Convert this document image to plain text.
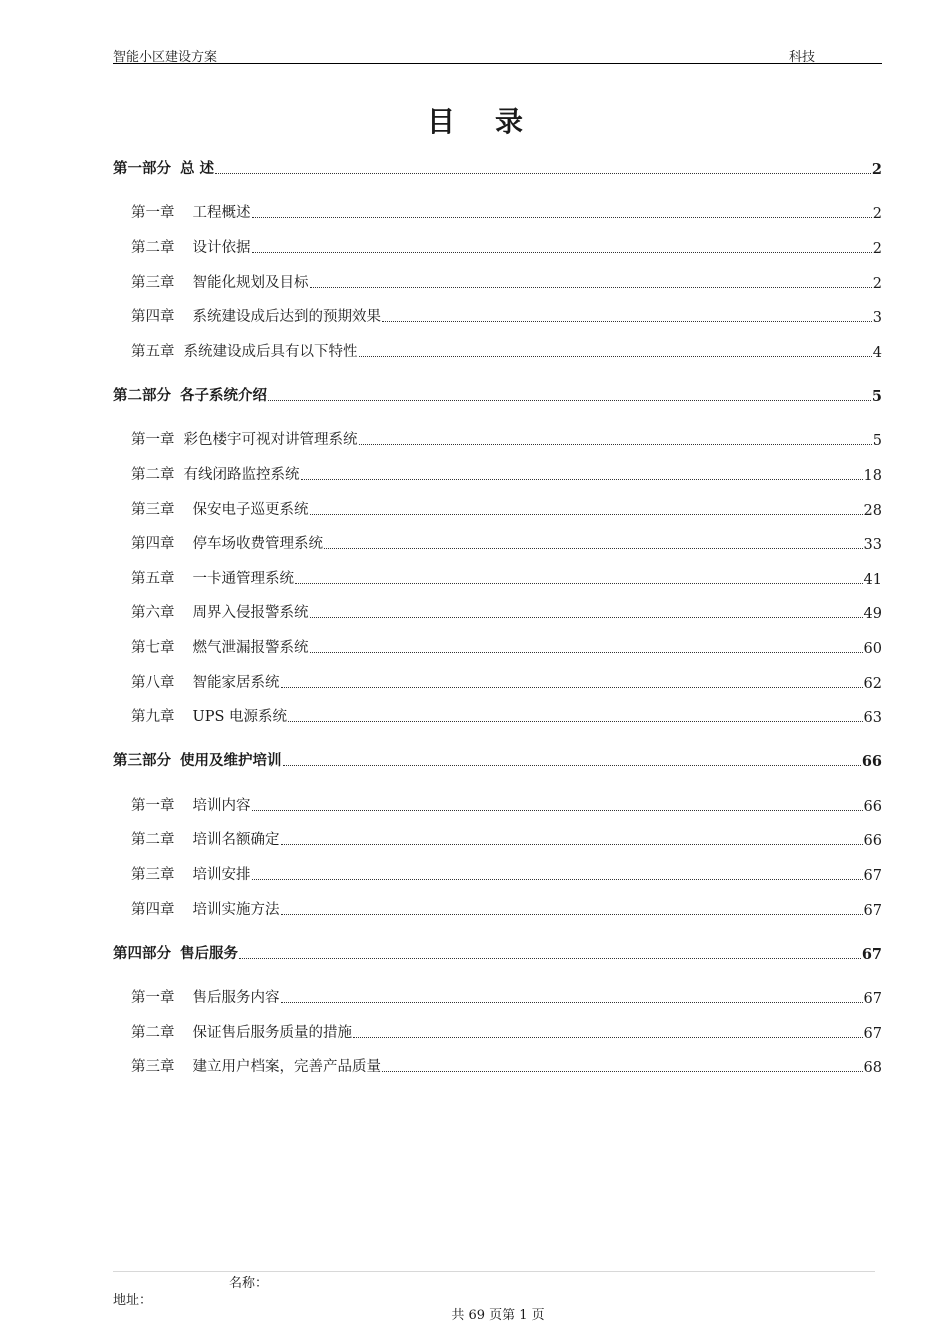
智能小区建设方案	科技
目录
第一部分 总 述	2
第一章 工程概述	2
第二章 设计依据	2
第三章 智能化规划及目标	2
第四章 系统建设成后达到的预期效果	3
第五章 系统建设成后具有以下特性	4
第二部分 各子系统介绍	5
第一章 彩色楼宇可视对讲管理系统	5
第二章 有线闭路监控系统	18
第三章 保安电子巡更系统	28
第四章 停车场收费管理系统	33
第五章 一卡通管理系统	41
第六章 周界入侵报警系统	49
第七章 燃气泄漏报警系统	60
第八章 智能家居系统	62
第九章 UPS 电源系统	63
第三部分 使用及维护培训	66
第一章 培训内容	66
第二章 培训名额确定	66
第三章 培训安排	67
第四章 培训实施方法	67
第四部分 售后服务	67
第一章 售后服务内容	67
第二章 保证售后服务质量的措施	67
第三章 建立用户档案，完善产品质量	68
名称：
地址：
共 69 页第 1 页
